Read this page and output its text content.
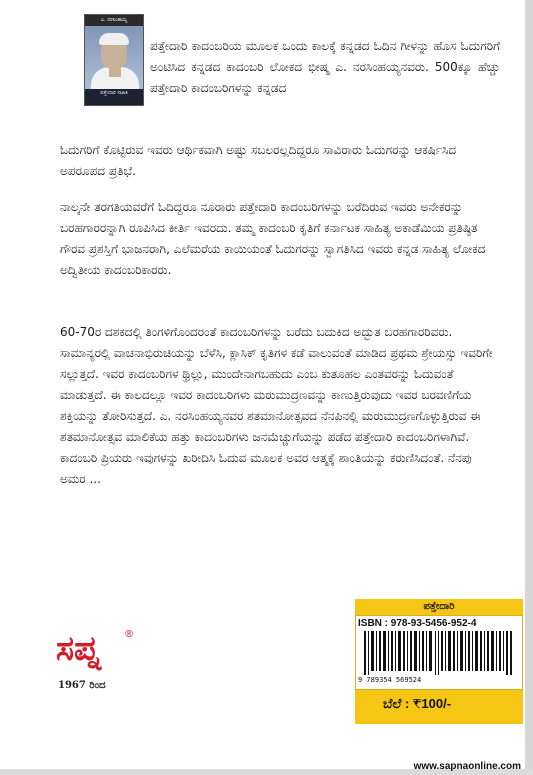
ಎ. ನರಸಿಂಹಯ್ಯ
ಪತ್ತೇದಾರಿ ಸಾಹಿತಿ

ಪತ್ತೇದಾರಿ ಕಾದಂಬರಿಯ ಮೂಲಕ ಒಂದು ಕಾಲಕ್ಕೆ ಕನ್ನಡದ ಓದಿನ ಗೀಳನ್ನು ಹೊಸ ಓದುಗರಿಗೆ ಅಂಟಿಸಿದ ಕನ್ನಡದ ಕಾದಂಬರಿ ಲೋಕದ ಭೀಷ್ಮ ಎ. ನರಸಿಂಹಯ್ಯನವರು. 500ಕ್ಕೂ ಹೆಚ್ಚು ಪತ್ತೇದಾರಿ ಕಾದಂಬರಿಗಳನ್ನು ಕನ್ನಡದ

ಓದುಗರಿಗೆ ಕೊಟ್ಟಿರುವ ಇವರು ಆರ್ಥಿಕವಾಗಿ ಅಷ್ಟು ಸಬಲರಲ್ಲದಿದ್ದರೂ ಸಾವಿರಾರು ಓದುಗರನ್ನು ಆಕರ್ಷಿಸಿದ ಅಪರೂಪದ ಪ್ರತಿಭೆ.

ನಾಲ್ಕನೇ ತರಗತಿಯವರೆಗೆ ಓದಿದ್ದರೂ ನೂರಾರು ಪತ್ತೇದಾರಿ ಕಾದಂಬರಿಗಳನ್ನು ಬರೆದಿರುವ ಇವರು ಅನೇಕರನ್ನು ಬರಹಗಾರರನ್ನಾಗಿ ರೂಪಿಸಿದ ಕೀರ್ತಿ ಇವರದು. ತಮ್ಮ ಕಾದಂಬರಿ ಕೃತಿಗೆ ಕರ್ನಾಟಕ ಸಾಹಿತ್ಯ ಅಕಾಡೆಮಿಯ ಪ್ರತಿಷ್ಠಿತ ಗೌರವ ಪ್ರಶಸ್ತಿಗೆ ಭಾಜನರಾಗಿ, ಎಲೆಮರೆಯ ಕಾಯಿಯಂತೆ ಓದುಗರನ್ನು ಸ್ವಾಗತಿಸಿದ ಇವರು ಕನ್ನಡ ಸಾಹಿತ್ಯ ಲೋಕದ ಅದ್ವಿತೀಯ ಕಾದಂಬರಿಕಾರರು.

60-70ರ ದಶಕದಲ್ಲಿ ತಿಂಗಳಿಗೊಂದರಂತೆ ಕಾದಂಬರಿಗಳನ್ನು ಬರೆದು ಬದುಕಿದ ಅದ್ಭುತ ಬರಹಗಾರರಿವರು. ಸಾಮಾನ್ಯರಲ್ಲಿ ವಾಚನಾಭಿರುಚಿಯನ್ನು ಬೆಳೆಸಿ, ಕ್ಲಾಸಿಕ್ ಕೃತಿಗಳ ಕಡೆ ವಾಲುವಂತೆ ಮಾಡಿದ ಪ್ರಥಮ ಶ್ರೇಯಸ್ಸು ಇವರಿಗೇ ಸಲ್ಲುತ್ತದೆ. ಇವರ ಕಾದಂಬರಿಗಳ ಥ್ರಿಲ್ಲು, ಮುಂದೇನಾಗಬಹುದು ಎಂಬ ಕುತೂಹಲ ಎಂತವರನ್ನು ಓದುವಂತೆ ಮಾಡುತ್ತದೆ. ಈ ಕಾಲದಲ್ಲೂ ಇವರ ಕಾದಂಬರಿಗಳು ಮರುಮುದ್ರಣವನ್ನು ಕಾಣುತ್ತಿರುವುದು ಇವರ ಬರವಣಿಗೆಯ ಶಕ್ತಿಯನ್ನು ತೋರಿಸುತ್ತದೆ. ಎ. ನರಸಿಂಹಯ್ಯನವರ ಶತಮಾನೋತ್ಸವದ ನೆನಪಿನಲ್ಲಿ ಮರುಮುದ್ರಣಗೊಳ್ಳುತ್ತಿರುವ ಈ ಶತಮಾನೋತ್ಸವ ಮಾಲಿಕೆಯ ಹತ್ತು ಕಾದಂಬರಿಗಳು ಜನಮೆಚ್ಚುಗೆಯನ್ನು ಪಡೆದ ಪತ್ತೇದಾರಿ ಕಾದಂಬರಿಗಳಾಗಿವೆ. ಕಾದಂಬರಿ ಪ್ರಿಯರು ಇವುಗಳನ್ನು ಖರೀದಿಸಿ ಓದುವ ಮೂಲಕ ಅವರ ಆತ್ಮಕ್ಕೆ ಶಾಂತಿಯನ್ನು ಕರುಣಿಸಿದಂತೆ. ನೆನಪು ಅಮರ ...

ಸಪ್ನ ®
1967 ರಿಂದ
ಪತ್ತೇದಾರಿ
ISBN : 978-93-5456-952-4
9 789354 569524
ಬೆಲೆ : ₹100/-
www.sapnaonline.com
